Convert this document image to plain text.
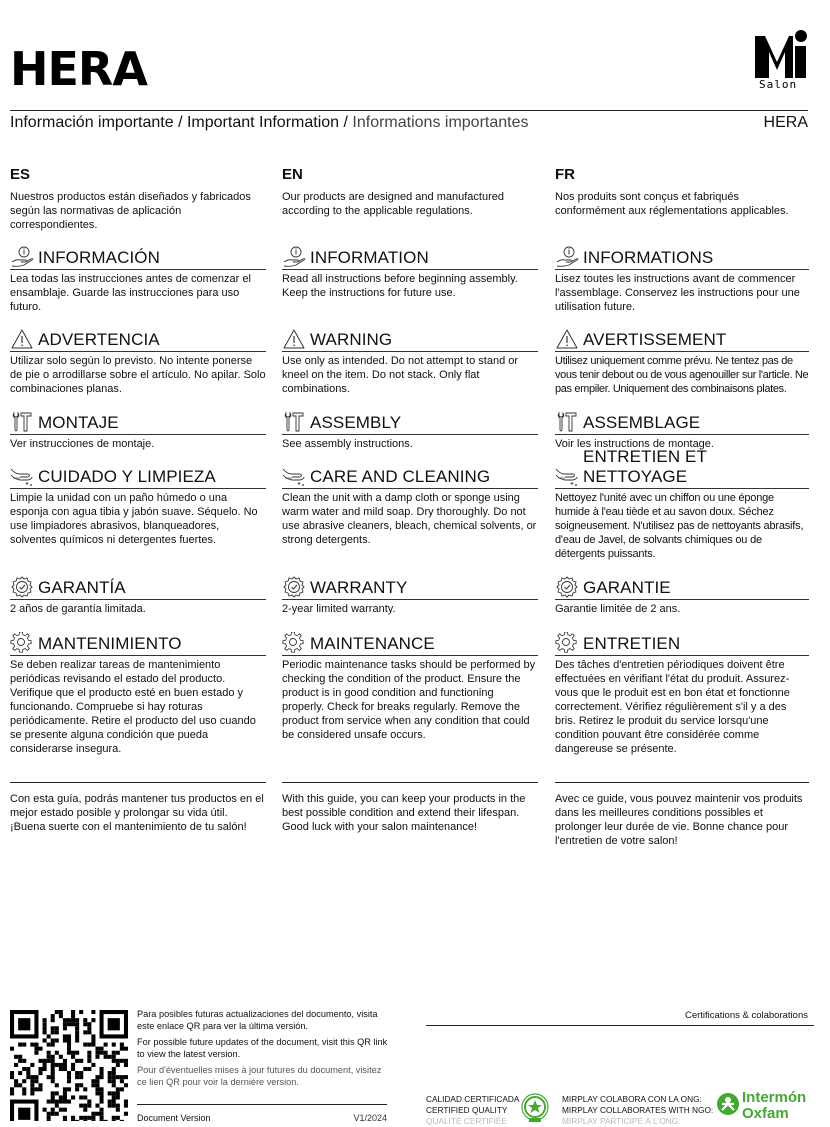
HERA	Salon
Información importante / Important Information / Informations importantes	HERA
ES
Nuestros productos están diseñados y fabricados según las normativas de aplicación correspondientes.
INFORMACIÓN
Lea todas las instrucciones antes de comenzar el ensamblaje. Guarde las instrucciones para uso futuro.
ADVERTENCIA
Utilizar solo según lo previsto. No intente ponerse de pie o arrodillarse sobre el artículo. No apilar. Solo combinaciones planas.
MONTAJE
Ver instrucciones de montaje.
CUIDADO Y LIMPIEZA
Limpie la unidad con un paño húmedo o una esponja con agua tibia y jabón suave. Séquelo. No use limpiadores abrasivos, blanqueadores, solventes químicos ni detergentes fuertes.
GARANTÍA
2 años de garantía limitada.
MANTENIMIENTO
Se deben realizar tareas de mantenimiento periódicas revisando el estado del producto. Verifique que el producto esté en buen estado y funcionando. Compruebe si hay roturas periódicamente. Retire el producto del uso cuando se presente alguna condición que pueda considerarse insegura.
Con esta guía, podrás mantener tus productos en el mejor estado posible y prolongar su vida útil. ¡Buena suerte con el mantenimiento de tu salón!
EN
Our products are designed and manufactured according to the applicable regulations.
INFORMATION
Read all instructions before beginning assembly. Keep the instructions for future use.
WARNING
Use only as intended. Do not attempt to stand or kneel on the item. Do not stack. Only flat combinations.
ASSEMBLY
See assembly instructions.
CARE AND CLEANING
Clean the unit with a damp cloth or sponge using warm water and mild soap. Dry thoroughly. Do not use abrasive cleaners, bleach, chemical solvents, or strong detergents.
WARRANTY
2-year limited warranty.
MAINTENANCE
Periodic maintenance tasks should be performed by checking the condition of the product. Ensure the product is in good condition and functioning properly. Check for breaks regularly. Remove the product from service when any condition that could be considered unsafe occurs.
With this guide, you can keep your products in the best possible condition and extend their lifespan. Good luck with your salon maintenance!
FR
Nos produits sont conçus et fabriqués conformément aux réglementations applicables.
INFORMATIONS
Lisez toutes les instructions avant de commencer l'assemblage. Conservez les instructions pour une utilisation future.
AVERTISSEMENT
Utilisez uniquement comme prévu. Ne tentez pas de vous tenir debout ou de vous agenouiller sur l'article. Ne pas empiler. Uniquement des combinaisons plates.
ASSEMBLAGE
Voir les instructions de montage.
ENTRETIEN ET NETTOYAGE
Nettoyez l'unité avec un chiffon ou une éponge humide à l'eau tiède et au savon doux. Séchez soigneusement. N'utilisez pas de nettoyants abrasifs, d'eau de Javel, de solvants chimiques ou de détergents puissants.
GARANTIE
Garantie limitée de 2 ans.
ENTRETIEN
Des tâches d'entretien périodiques doivent être effectuées en vérifiant l'état du produit. Assurez-vous que le produit est en bon état et fonctionne correctement. Vérifiez régulièrement s'il y a des bris. Retirez le produit du service lorsqu'une condition pouvant être considérée comme dangereuse se présente.
Avec ce guide, vous pouvez maintenir vos produits dans les meilleures conditions possibles et prolonger leur durée de vie. Bonne chance pour l'entretien de votre salon!

Para posibles futuras actualizaciones del documento, visita este enlace QR para ver la última versión.

For possible future updates of the document, visit this QR link to view the latest version.

Pour d'éventuelles mises à jour futures du document, visitez ce lien QR pour voir la dernière version.

Document Version	V1/2024
Certifications & colaborations
CALIDAD CERTIFICADA
CERTIFIED QUALITY
QUALITÉ CERTIFIÉE
MIRPLAY COLABORA CON LA ONG:
MIRPLAY COLLABORATES WITH NGO:
MIRPLAY PARTICIPE À L'ONG:
Intermón
Oxfam
